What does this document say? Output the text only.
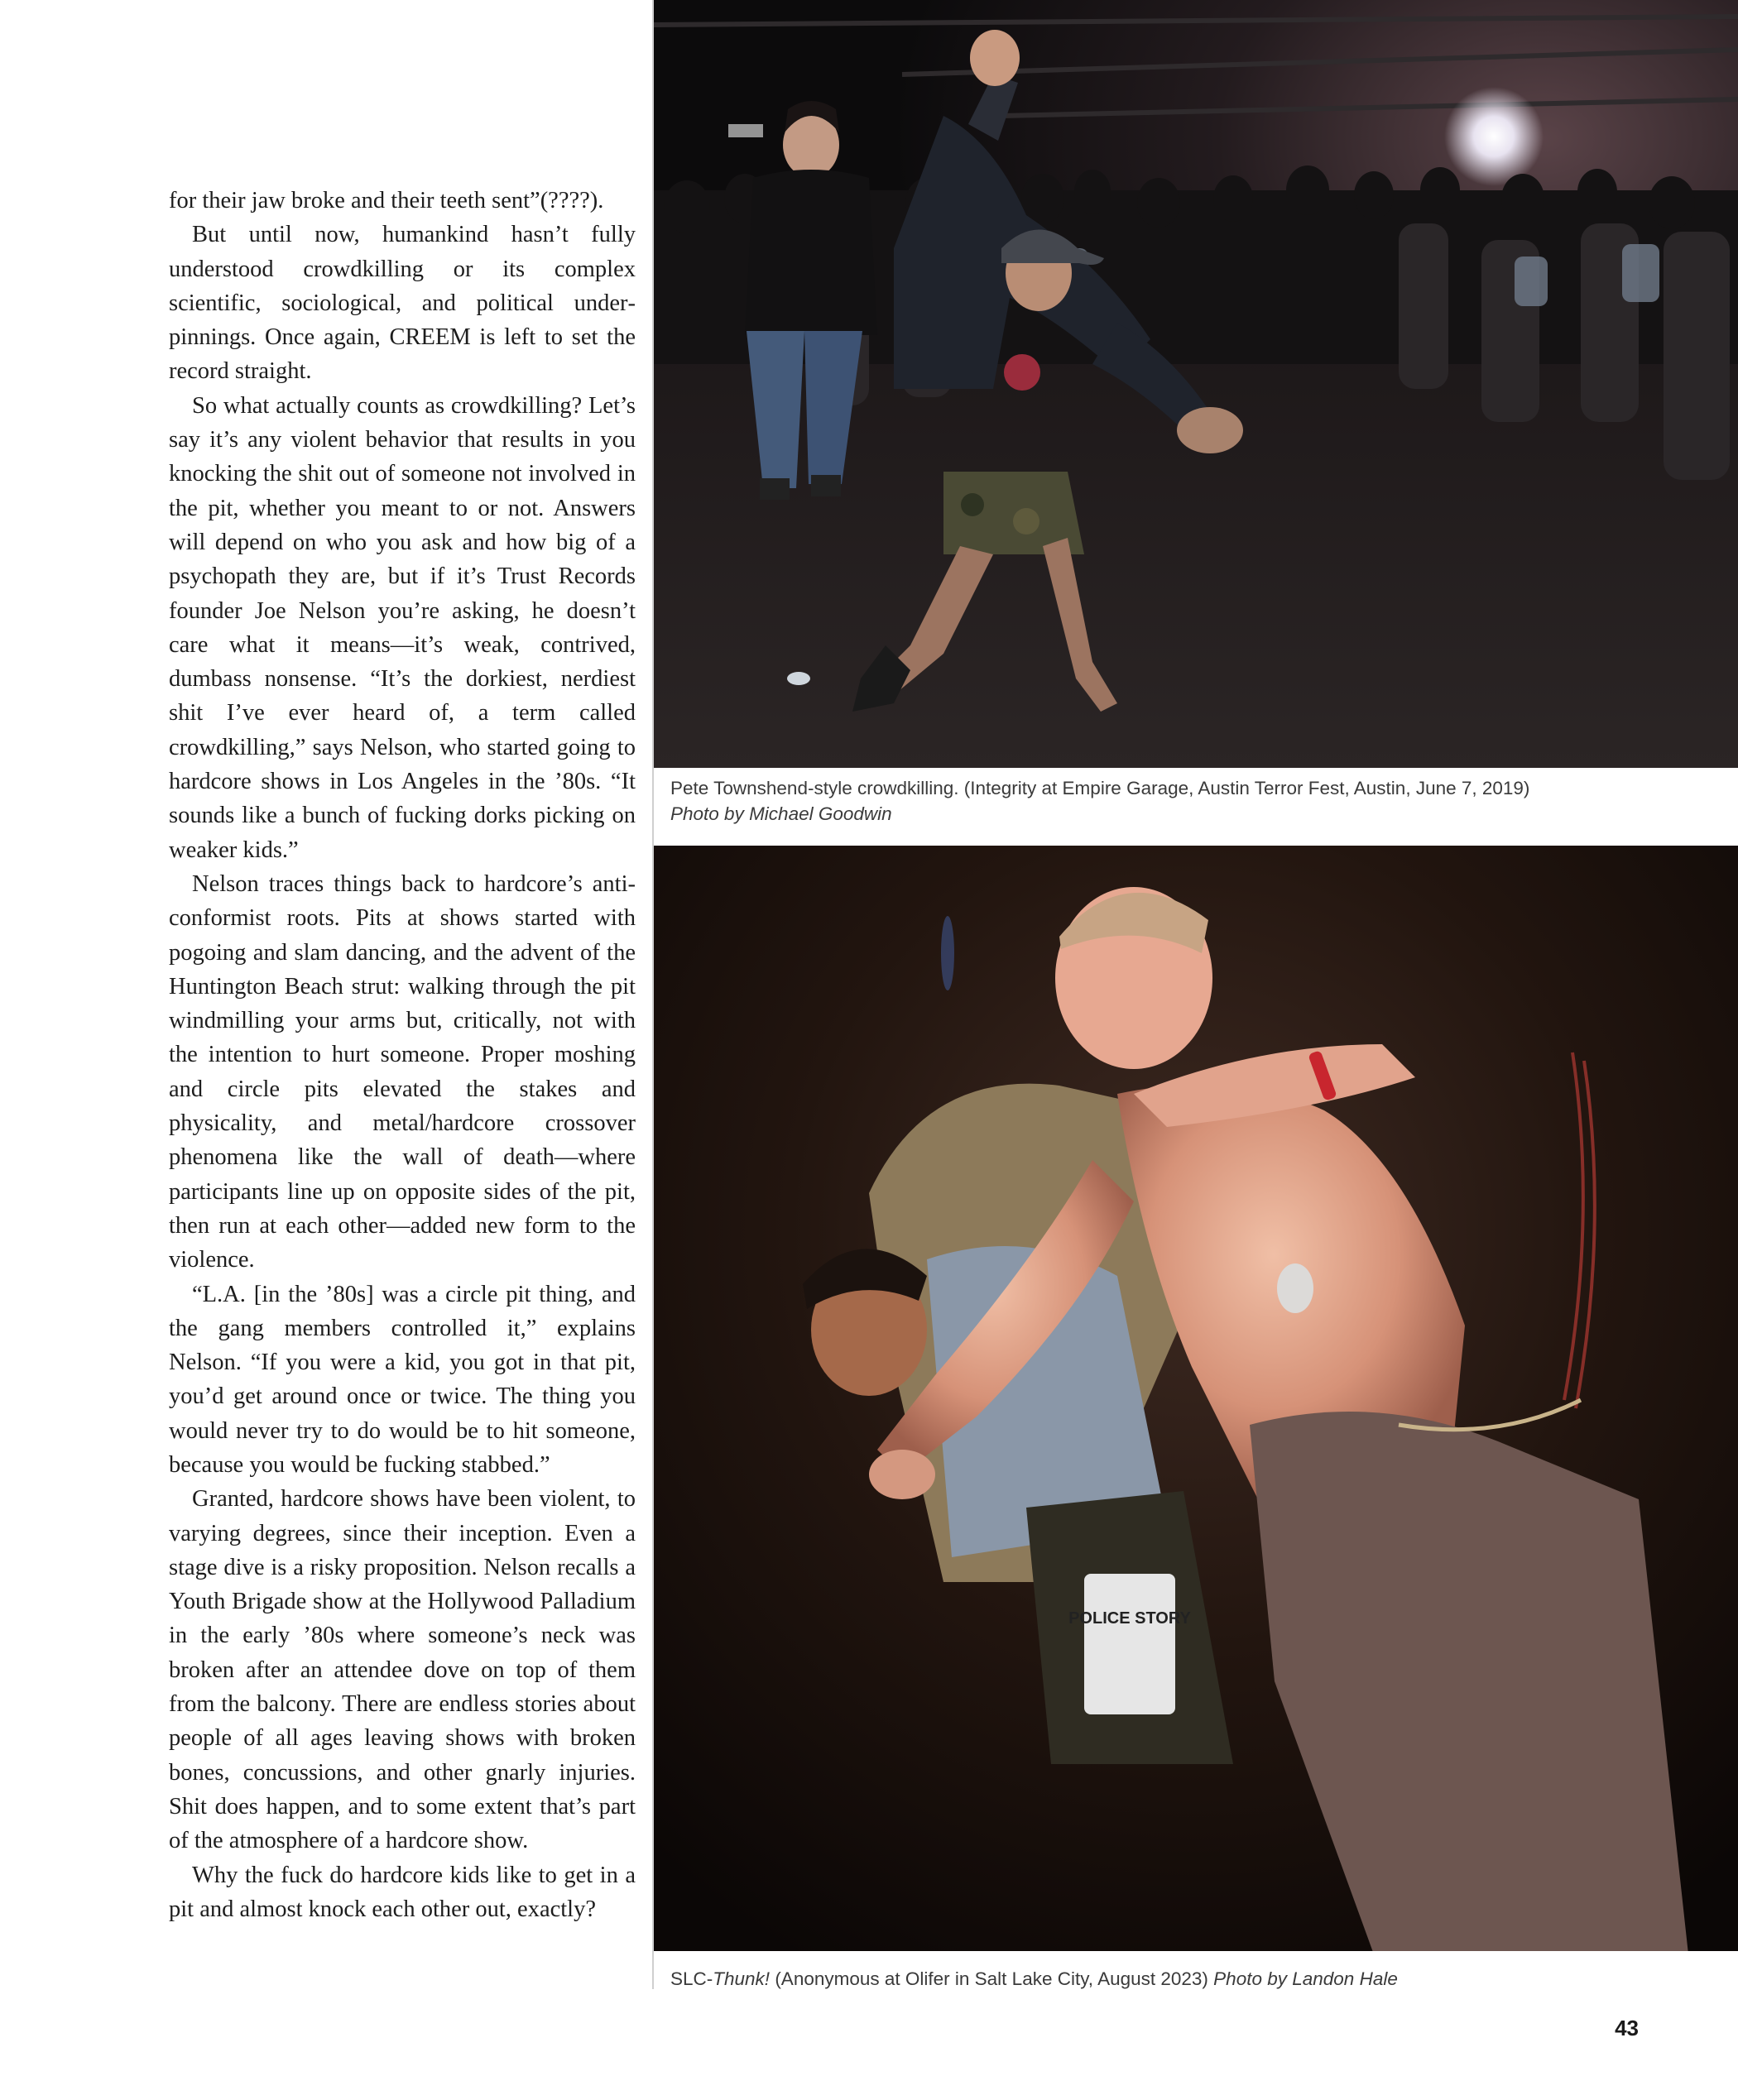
for their jaw broke and their teeth sent”(????).

But until now, humankind hasn’t fully understood crowdkilling or its complex scientific, sociological, and political underpinnings. Once again, CREEM is left to set the record straight.

So what actually counts as crowdkilling? Let’s say it’s any violent behavior that results in you knocking the shit out of someone not involved in the pit, whether you meant to or not. Answers will depend on who you ask and how big of a psychopath they are, but if it’s Trust Records founder Joe Nelson you’re asking, he doesn’t care what it means—it’s weak, contrived, dumbass nonsense. “It’s the dorkiest, nerdiest shit I’ve ever heard of, a term called crowdkilling,” says Nelson, who started going to hardcore shows in Los Angeles in the ’80s. “It sounds like a bunch of fucking dorks picking on weaker kids.”

Nelson traces things back to hardcore’s anticonformist roots. Pits at shows started with pogoing and slam dancing, and the advent of the Huntington Beach strut: walking through the pit windmilling your arms but, critically, not with the intention to hurt someone. Proper moshing and circle pits elevated the stakes and physicality, and metal/hardcore crossover phenomena like the wall of death—where participants line up on opposite sides of the pit, then run at each other—added new form to the violence.

“L.A. [in the ’80s] was a circle pit thing, and the gang members controlled it,” explains Nelson. “If you were a kid, you got in that pit, you’d get around once or twice. The thing you would never try to do would be to hit someone, because you would be fucking stabbed.”

Granted, hardcore shows have been violent, to varying degrees, since their inception. Even a stage dive is a risky proposition. Nelson recalls a Youth Brigade show at the Hollywood Palladium in the early ’80s where someone’s neck was broken after an attendee dove on top of them from the balcony. There are endless stories about people of all ages leaving shows with broken bones, concussions, and other gnarly injuries. Shit does happen, and to some extent that’s part of the atmosphere of a hardcore show.

Why the fuck do hardcore kids like to get in a pit and almost knock each other out, exactly?

Pete Townshend-style crowdkilling. (Integrity at Empire Garage, Austin Terror Fest, Austin, June 7, 2019)
Photo by Michael Goodwin
POLICE STORY
SLC-Thunk! (Anonymous at Olifer in Salt Lake City, August 2023) Photo by Landon Hale
43
